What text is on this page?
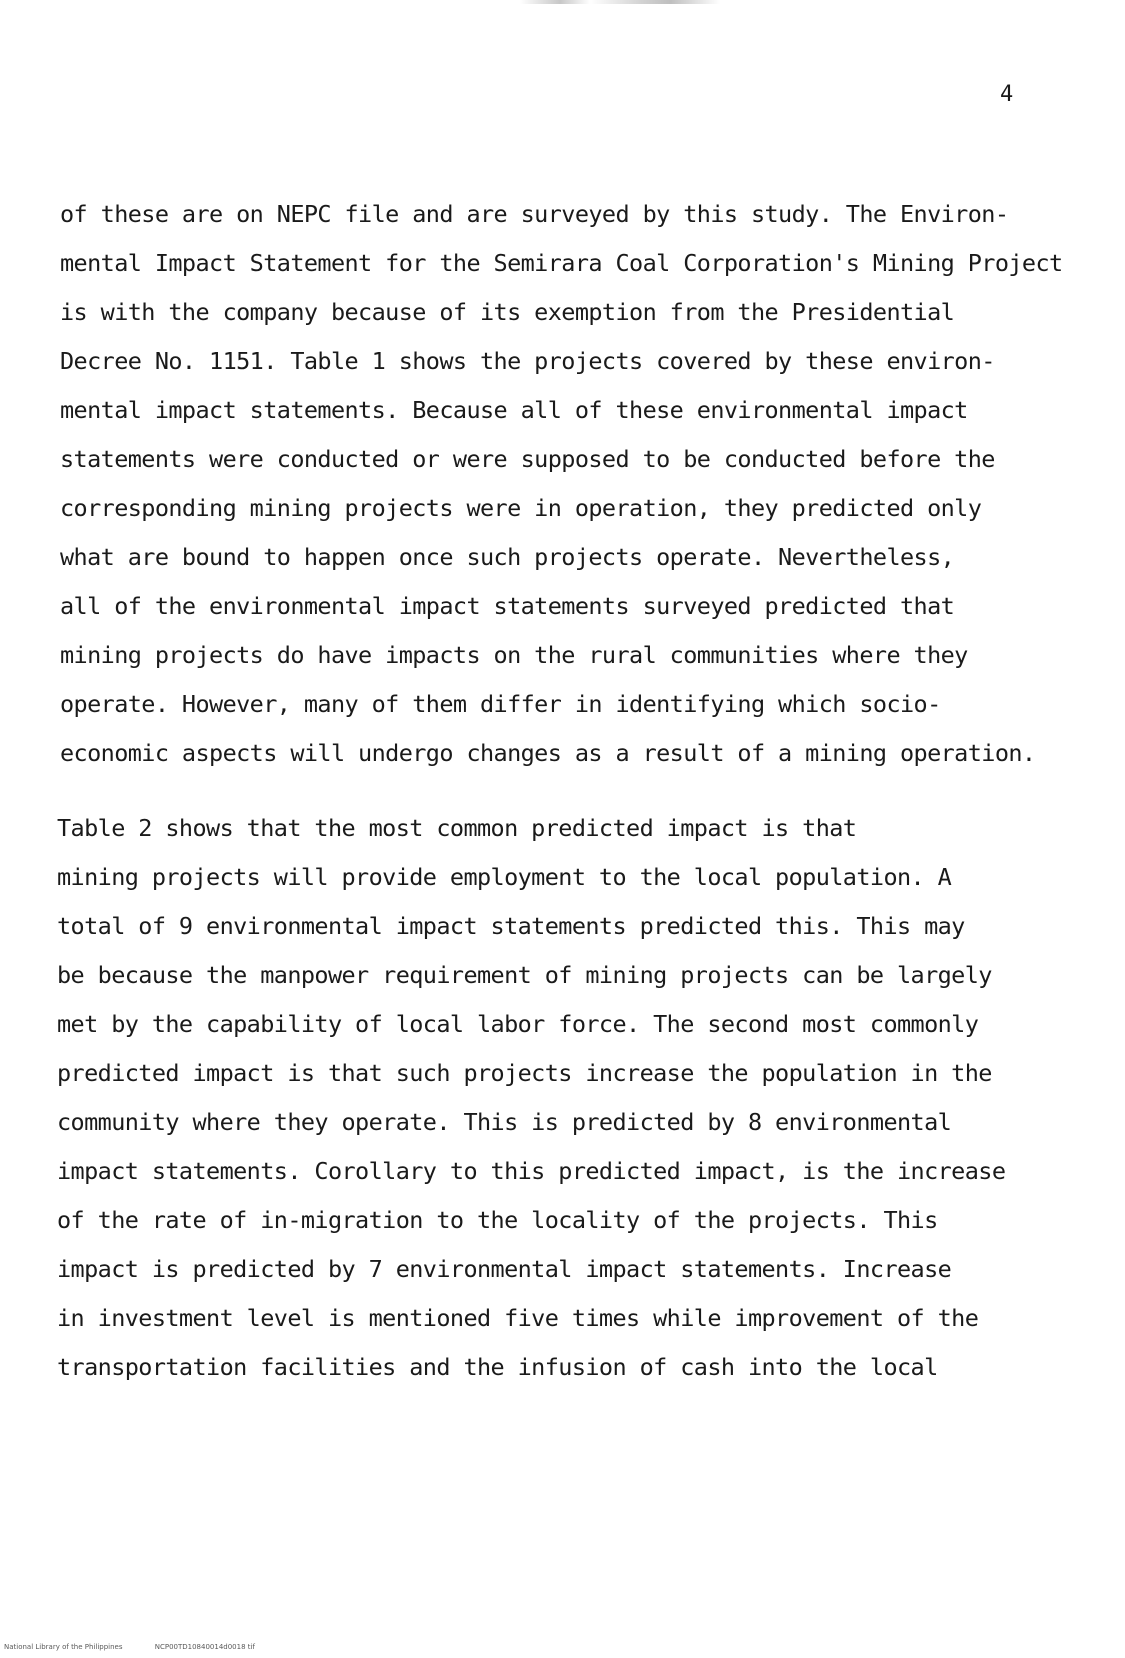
4
of these are on NEPC file and are surveyed by this study. The Environ-
mental Impact Statement for the Semirara Coal Corporation's Mining Project
is with the company because of its exemption from the Presidential
Decree No. 1151. Table 1 shows the projects covered by these environ-
mental impact statements. Because all of these environmental impact
statements were conducted or were supposed to be conducted before the
corresponding mining projects were in operation, they predicted only
what are bound to happen once such projects operate. Nevertheless,
all of the environmental impact statements surveyed predicted that
mining projects do have impacts on the rural communities where they
operate. However, many of them differ in identifying which socio-
economic aspects will undergo changes as a result of a mining operation.
Table 2 shows that the most common predicted impact is that
mining projects will provide employment to the local population. A
total of 9 environmental impact statements predicted this. This may
be because the manpower requirement of mining projects can be largely
met by the capability of local labor force. The second most commonly
predicted impact is that such projects increase the population in the
community where they operate. This is predicted by 8 environmental
impact statements. Corollary to this predicted impact, is the increase
of the rate of in-migration to the locality of the projects. This
impact is predicted by 7 environmental impact statements. Increase
in investment level is mentioned five times while improvement of the
transportation facilities and the infusion of cash into the local
National Library of the Philippines	NCP00TD10840014d0018 tif
